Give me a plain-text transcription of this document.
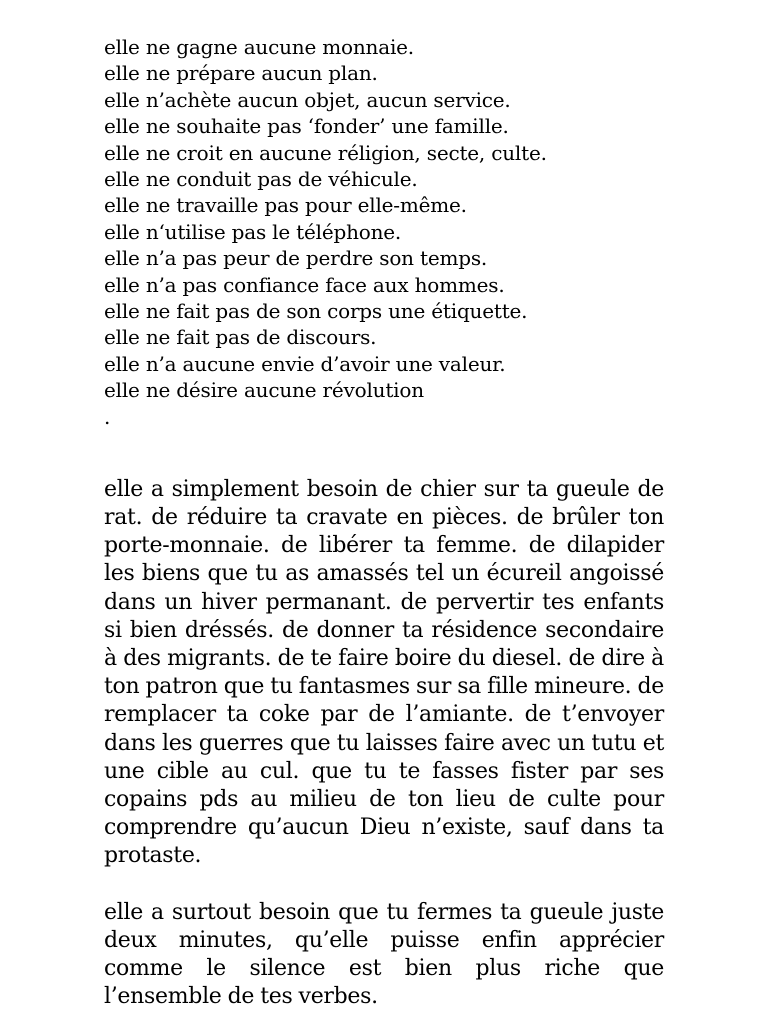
elle ne gagne aucune monnaie.
elle ne prépare aucun plan.
elle n’achète aucun objet, aucun service.
elle ne souhaite pas ‘fonder’ une famille.
elle ne croit en aucune réligion, secte, culte.
elle ne conduit pas de véhicule.
elle ne travaille pas pour elle-même.
elle n‘utilise pas le téléphone.
elle n’a pas peur de perdre son temps.
elle n’a pas confiance face aux hommes.
elle ne fait pas de son corps une étiquette.
elle ne fait pas de discours.
elle n’a aucune envie d’avoir une valeur.
elle ne désire aucune révolution
.

elle a simplement besoin de chier sur ta gueule de rat. de réduire ta cravate en pièces. de brûler ton porte-monnaie. de libérer ta femme. de dilapider les biens que tu as amassés tel un écureil angoissé dans un hiver permanant. de pervertir tes enfants si bien dréssés. de donner ta résidence secondaire à des migrants. de te faire boire du diesel. de dire à ton patron que tu fantasmes sur sa fille mineure. de remplacer ta coke par de l’amiante. de t’envoyer dans les guerres que tu laisses faire avec un tutu et une cible au cul. que tu te fasses fister par ses copains pds au milieu de ton lieu de culte pour comprendre qu’aucun Dieu n’existe, sauf dans ta protaste.

elle a surtout besoin que tu fermes ta gueule juste deux minutes, qu’elle puisse enfin apprécier comme le silence est bien plus riche que l’ensemble de tes verbes.
